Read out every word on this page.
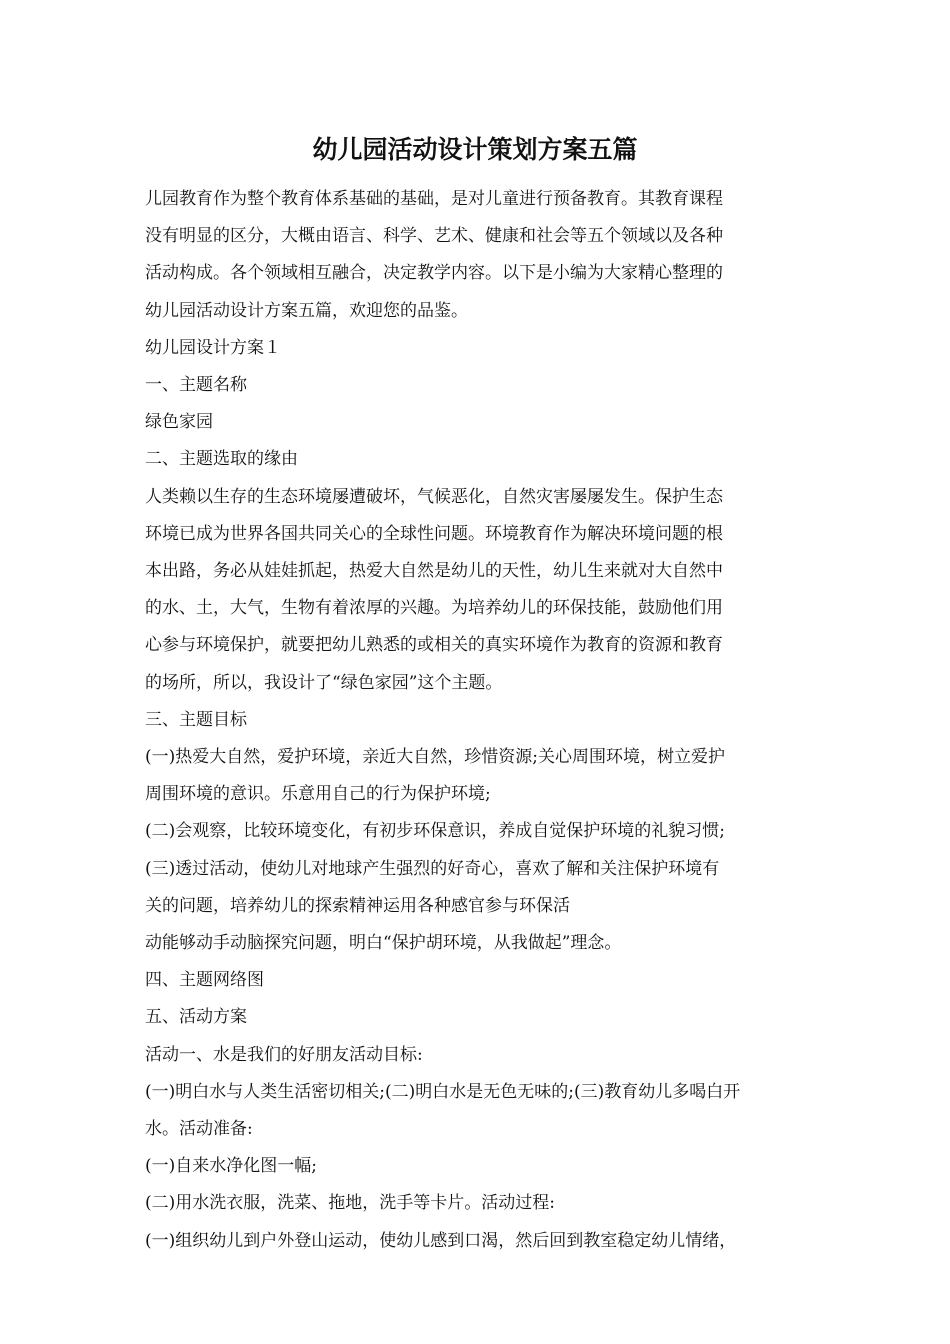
幼儿园活动设计策划方案五篇

儿园教育作为整个教育体系基础的基础，是对儿童进行预备教育。其教育课程

没有明显的区分，大概由语言、科学、艺术、健康和社会等五个领域以及各种

活动构成。各个领域相互融合，决定教学内容。以下是小编为大家精心整理的

幼儿园活动设计方案五篇，欢迎您的品鉴。

幼儿园设计方案１

一、主题名称

绿色家园

二、主题选取的缘由

人类赖以生存的生态环境屡遭破坏，气候恶化，自然灾害屡屡发生。保护生态

环境已成为世界各国共同关心的全球性问题。环境教育作为解决环境问题的根

本出路，务必从娃娃抓起，热爱大自然是幼儿的天性，幼儿生来就对大自然中

的水、土，大气，生物有着浓厚的兴趣。为培养幼儿的环保技能，鼓励他们用

心参与环境保护，就要把幼儿熟悉的或相关的真实环境作为教育的资源和教育

的场所，所以，我设计了“绿色家园”这个主题。

三、主题目标

(一)热爱大自然，爱护环境，亲近大自然，珍惜资源;关心周围环境，树立爱护

周围环境的意识。乐意用自己的行为保护环境;

(二)会观察，比较环境变化，有初步环保意识，养成自觉保护环境的礼貌习惯;

(三)透过活动，使幼儿对地球产生强烈的好奇心，喜欢了解和关注保护环境有

关的问题，培养幼儿的探索精神运用各种感官参与环保活

动能够动手动脑探究问题，明白“保护胡环境，从我做起”理念。

四、主题网络图

五、活动方案

活动一、水是我们的好朋友活动目标:

(一)明白水与人类生活密切相关;(二)明白水是无色无味的;(三)教育幼儿多喝白开

水。活动准备:

(一)自来水净化图一幅;

(二)用水洗衣服，洗菜、拖地，洗手等卡片。活动过程:

(一)组织幼儿到户外登山运动，使幼儿感到口渴，然后回到教室稳定幼儿情绪，
